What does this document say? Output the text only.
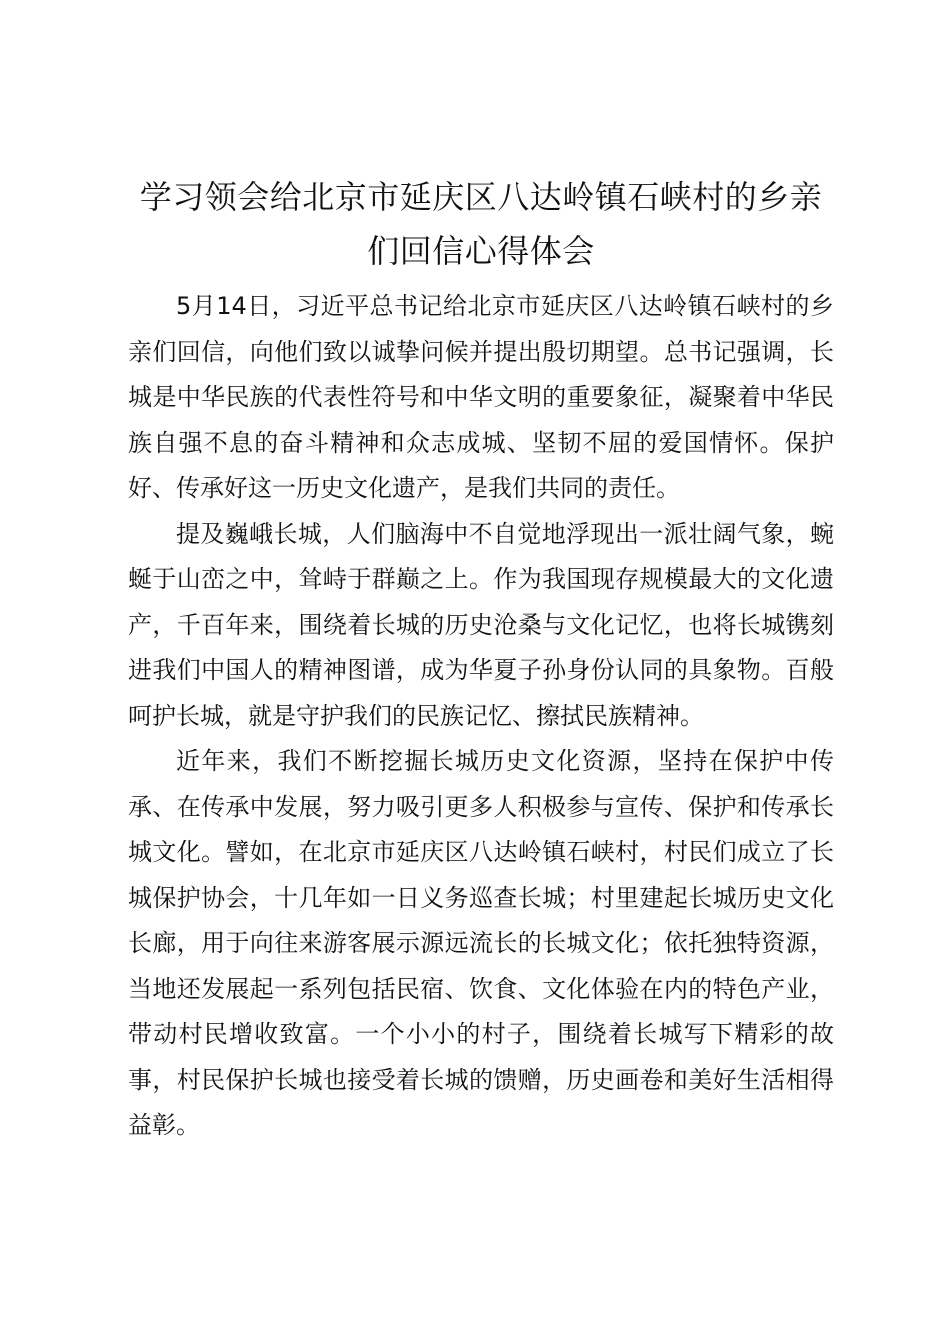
学习领会给北京市延庆区八达岭镇石峡村的乡亲们回信心得体会

5月14日，习近平总书记给北京市延庆区八达岭镇石峡村的乡亲们回信，向他们致以诚挚问候并提出殷切期望。总书记强调，长城是中华民族的代表性符号和中华文明的重要象征，凝聚着中华民族自强不息的奋斗精神和众志成城、坚韧不屈的爱国情怀。保护好、传承好这一历史文化遗产，是我们共同的责任。

提及巍峨长城，人们脑海中不自觉地浮现出一派壮阔气象，蜿蜒于山峦之中，耸峙于群巅之上。作为我国现存规模最大的文化遗产，千百年来，围绕着长城的历史沧桑与文化记忆，也将长城镌刻进我们中国人的精神图谱，成为华夏子孙身份认同的具象物。百般呵护长城，就是守护我们的民族记忆、擦拭民族精神。

近年来，我们不断挖掘长城历史文化资源，坚持在保护中传承、在传承中发展，努力吸引更多人积极参与宣传、保护和传承长城文化。譬如，在北京市延庆区八达岭镇石峡村，村民们成立了长城保护协会，十几年如一日义务巡查长城；村里建起长城历史文化长廊，用于向往来游客展示源远流长的长城文化；依托独特资源，当地还发展起一系列包括民宿、饮食、文化体验在内的特色产业，带动村民增收致富。一个小小的村子，围绕着长城写下精彩的故事，村民保护长城也接受着长城的馈赠，历史画卷和美好生活相得益彰。
